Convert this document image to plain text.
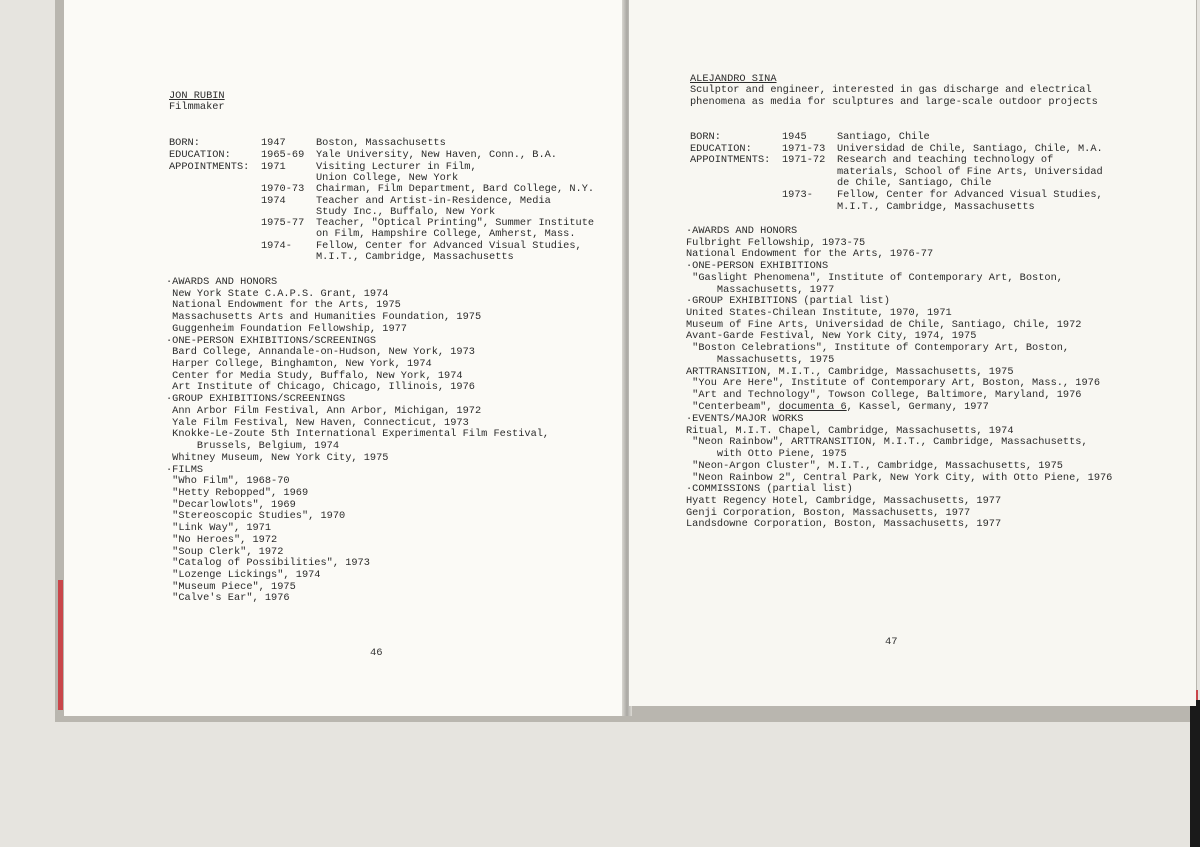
JON RUBIN
Filmmaker
BORN:	1947	Boston, Massachusetts
EDUCATION:	1965-69 Yale University, New Haven, Conn., B.A.
APPOINTMENTS: 1971	Visiting Lecturer in Film,
Union College, New York
1970-73 Chairman, Film Department, Bard College, N.Y.
1974	Teacher and Artist-in-Residence, Media
Study Inc., Buffalo, New York
1975-77 Teacher, "Optical Printing", Summer Institute
on Film, Hampshire College, Amherst, Mass.
1974- Fellow, Center for Advanced Visual Studies,
M.I.T., Cambridge, Massachusetts
·AWARDS AND HONORS
New York State C.A.P.S. Grant, 1974
National Endowment for the Arts, 1975
Massachusetts Arts and Humanities Foundation, 1975
Guggenheim Foundation Fellowship, 1977
·ONE-PERSON EXHIBITIONS/SCREENINGS
Bard College, Annandale-on-Hudson, New York, 1973
Harper College, Binghamton, New York, 1974
Center for Media Study, Buffalo, New York, 1974
Art Institute of Chicago, Chicago, Illinois, 1976
·GROUP EXHIBITIONS/SCREENINGS
Ann Arbor Film Festival, Ann Arbor, Michigan, 1972
Yale Film Festival, New Haven, Connecticut, 1973
Knokke-Le-Zoute 5th International Experimental Film Festival,
Brussels, Belgium, 1974
Whitney Museum, New York City, 1975
·FILMS
"Who Film", 1968-70
"Hetty Rebopped", 1969
"Decarlowlots", 1969
"Stereoscopic Studies", 1970
"Link Way", 1971
"No Heroes", 1972
"Soup Clerk", 1972
"Catalog of Possibilities", 1973
"Lozenge Lickings", 1974
"Museum Piece", 1975
"Calve's Ear", 1976
46
ALEJANDRO SINA
Sculptor and engineer, interested in gas discharge and electrical
phenomena as media for sculptures and large-scale outdoor projects
BORN:	1945	Santiago, Chile
EDUCATION:	1971-73 Universidad de Chile, Santiago, Chile, M.A.
APPOINTMENTS: 1971-72 Research and teaching technology of
materials, School of Fine Arts, Universidad
de Chile, Santiago, Chile
1973- Fellow, Center for Advanced Visual Studies,
M.I.T., Cambridge, Massachusetts
·AWARDS AND HONORS
Fulbright Fellowship, 1973-75
National Endowment for the Arts, 1976-77
·ONE-PERSON EXHIBITIONS
"Gaslight Phenomena", Institute of Contemporary Art, Boston,
Massachusetts, 1977
·GROUP EXHIBITIONS (partial list)
United States-Chilean Institute, 1970, 1971
Museum of Fine Arts, Universidad de Chile, Santiago, Chile, 1972
Avant-Garde Festival, New York City, 1974, 1975
"Boston Celebrations", Institute of Contemporary Art, Boston,
Massachusetts, 1975
ARTTRANSITION, M.I.T., Cambridge, Massachusetts, 1975
"You Are Here", Institute of Contemporary Art, Boston, Mass., 1976
"Art and Technology", Towson College, Baltimore, Maryland, 1976
"Centerbeam", documenta 6, Kassel, Germany, 1977
·EVENTS/MAJOR WORKS
Ritual, M.I.T. Chapel, Cambridge, Massachusetts, 1974
"Neon Rainbow", ARTTRANSITION, M.I.T., Cambridge, Massachusetts,
with Otto Piene, 1975
"Neon-Argon Cluster", M.I.T., Cambridge, Massachusetts, 1975
"Neon Rainbow 2", Central Park, New York City, with Otto Piene, 1976
·COMMISSIONS (partial list)
Hyatt Regency Hotel, Cambridge, Massachusetts, 1977
Genji Corporation, Boston, Massachusetts, 1977
Landsdowne Corporation, Boston, Massachusetts, 1977
47
